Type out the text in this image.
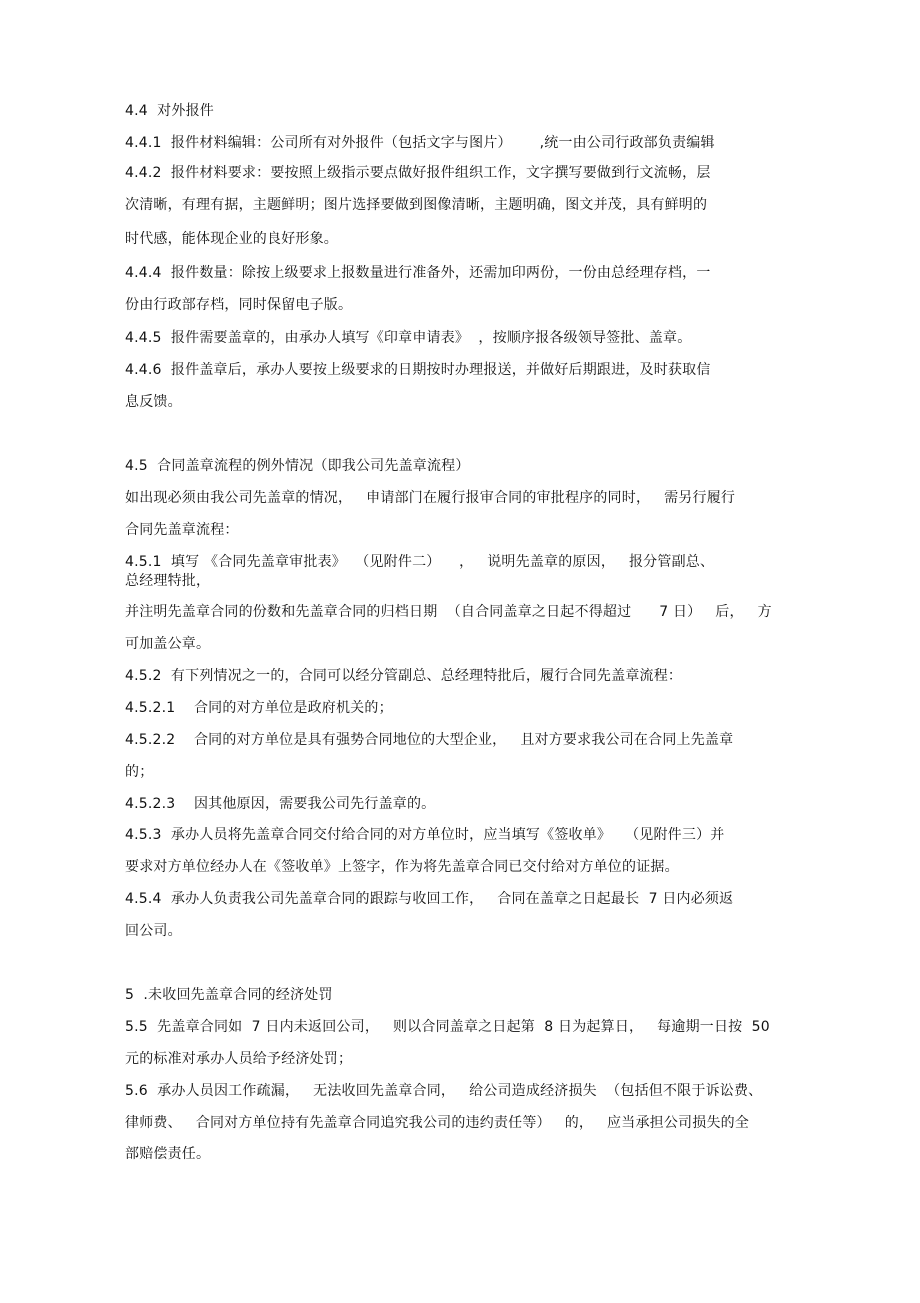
4.4  对外报件
4.4.1  报件材料编辑：公司所有对外报件（包括文字与图片）      ,统一由公司行政部负责编辑
4.4.2  报件材料要求：要按照上级指示要点做好报件组织工作，文字撰写要做到行文流畅，层
次清晰，有理有据，主题鲜明；图片选择要做到图像清晰，主题明确，图文并茂，具有鲜明的
时代感，能体现企业的良好形象。
4.4.4  报件数量：除按上级要求上报数量进行准备外，还需加印两份，一份由总经理存档，一
份由行政部存档，同时保留电子版。
4.4.5  报件需要盖章的，由承办人填写《印章申请表》  ，按顺序报各级领导签批、盖章。
4.4.6  报件盖章后，承办人要按上级要求的日期按时办理报送，并做好后期跟进，及时获取信
息反馈。
4.5  合同盖章流程的例外情况（即我公司先盖章流程）
如出现必须由我公司先盖章的情况，   申请部门在履行报审合同的审批程序的同时，   需另行履行
合同先盖章流程：
4.5.1  填写 《合同先盖章审批表》  （见附件二）    ，   说明先盖章的原因，   报分管副总、
总经理特批，
并注明先盖章合同的份数和先盖章合同的归档日期  （自合同盖章之日起不得超过      7 日）   后，   方
可加盖公章。
4.5.2  有下列情况之一的，合同可以经分管副总、总经理特批后，履行合同先盖章流程：
4.5.2.1    合同的对方单位是政府机关的；
4.5.2.2    合同的对方单位是具有强势合同地位的大型企业，   且对方要求我公司在合同上先盖章
的；
4.5.2.3    因其他原因，需要我公司先行盖章的。
4.5.3  承办人员将先盖章合同交付给合同的对方单位时，应当填写《签收单》   （见附件三）并
要求对方单位经办人在《签收单》上签字，作为将先盖章合同已交付给对方单位的证据。
4.5.4  承办人负责我公司先盖章合同的跟踪与收回工作，   合同在盖章之日起最长  7 日内必须返
回公司。
5  .未收回先盖章合同的经济处罚
5.5  先盖章合同如  7 日内未返回公司，   则以合同盖章之日起第  8 日为起算日，   每逾期一日按  50
元的标准对承办人员给予经济处罚；
5.6  承办人员因工作疏漏，   无法收回先盖章合同，   给公司造成经济损失  （包括但不限于诉讼费、
律师费、   合同对方单位持有先盖章合同追究我公司的违约责任等）   的，   应当承担公司损失的全
部赔偿责任。
